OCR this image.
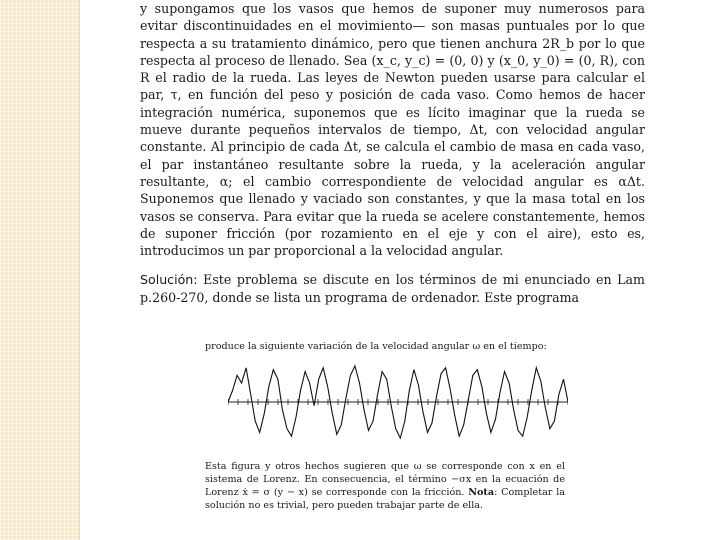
y supongamos que los vasos que hemos de suponer muy numerosos para evitar discontinuidades en el movimiento— son masas puntuales por lo que respecta a su tratamiento dinámico, pero que tienen anchura 2R_b por lo que respecta al proceso de llenado. Sea (x_c, y_c) = (0, 0) y (x_0, y_0) = (0, R), con R el radio de la rueda. Las leyes de Newton pueden usarse para calcular el par, τ, en función del peso y posición de cada vaso. Como hemos de hacer integración numérica, suponemos que es lícito imaginar que la rueda se mueve durante pequeños intervalos de tiempo, Δt, con velocidad angular constante. Al principio de cada Δt, se calcula el cambio de masa en cada vaso, el par instantáneo resultante sobre la rueda, y la aceleración angular resultante, α; el cambio correspondiente de velocidad angular es αΔt. Suponemos que llenado y vaciado son constantes, y que la masa total en los vasos se conserva. Para evitar que la rueda se acelere constantemente, hemos de suponer fricción (por rozamiento en el eje y con el aire), esto es, introducimos un par proporcional a la velocidad angular.

Solución: Este problema se discute en los términos de mi enunciado en Lam p.260-270, donde se lista un programa de ordenador. Este programa

produce la siguiente variación de la velocidad angular ω en el tiempo:
Esta figura y otros hechos sugieren que ω se corresponde con x en el sistema de Lorenz. En consecuencia, el término −σx en la ecuación de Lorenz ẋ = σ (y − x) se corresponde con la fricción. Nota: Completar la solución no es trivial, pero pueden trabajar parte de ella.
